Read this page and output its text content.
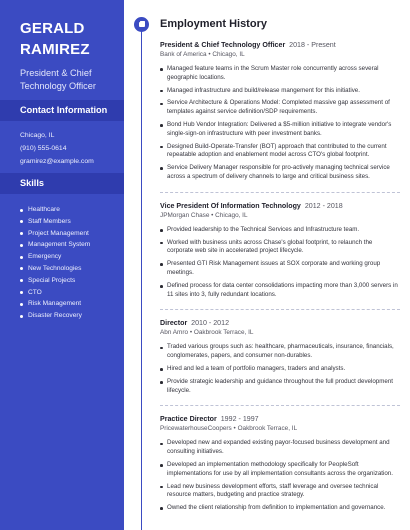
GERALD
RAMIREZ
President & Chief Technology Officer
Contact Information
Chicago, IL
(910) 555-0614
gramirez@example.com
Skills
Healthcare
Staff Members
Project Management
Management System
Emergency
New Technologies
Special Projects
CTO
Risk Management
Disaster Recovery
Employment History
President & Chief Technology Officer 2018 - Present
Bank of America • Chicago, IL
Managed feature teams in the Scrum Master role concurrently across several geographic locations.
Managed infrastructure and build/release mangement for this initiative.
Service Architecture & Operations Model: Completed massive gap assessment of templates against service definition/SDP requirements.
Bond Hub Vendor Integration: Delivered a $5-million initiative to integrate vendor's single-sign-on infrastructure with peer investment banks.
Designed Build-Operate-Transfer (BOT) approach that contributed to the current repeatable adoption and enablement model across CTO's global footprint.
Service Delivery Manager responsible for pro-actively managing technical service across a spectrum of delivery channels to large and critical business sites.
Vice President Of Information Technology 2012 - 2018
JPMorgan Chase • Chicago, IL
Provided leadership to the Technical Services and Infrastructure team.
Worked with business units across Chase's global footprint, to relaunch the corporate web site in accelerated project lifecycle.
Presented GTI Risk Management issues at SOX corporate and working group meetings.
Defined process for data center consolidations impacting more than 3,000 servers in 11 sites into 3, fully redundant locations.
Director 2010 - 2012
Abn Amro • Oakbrook Terrace, IL
Traded various groups such as: healthcare, pharmaceuticals, insurance, financials, conglomerates, papers, and consumer non-durables.
Hired and led a team of portfolio managers, traders and analysts.
Provide strategic leadership and guidance throughout the full product development lifecycle.
Practice Director 1992 - 1997
PricewaterhouseCoopers • Oakbrook Terrace, IL
Developed new and expanded existing payor-focused business development and consulting initiatives.
Developed an implementation methodology specifically for PeopleSoft implementations for use by all implementation consultants across the organization.
Lead new business development efforts, staff leverage and oversee technical resource matters, budgeting and practice strategy.
Owned the client relationship from definition to implementation and governance.
